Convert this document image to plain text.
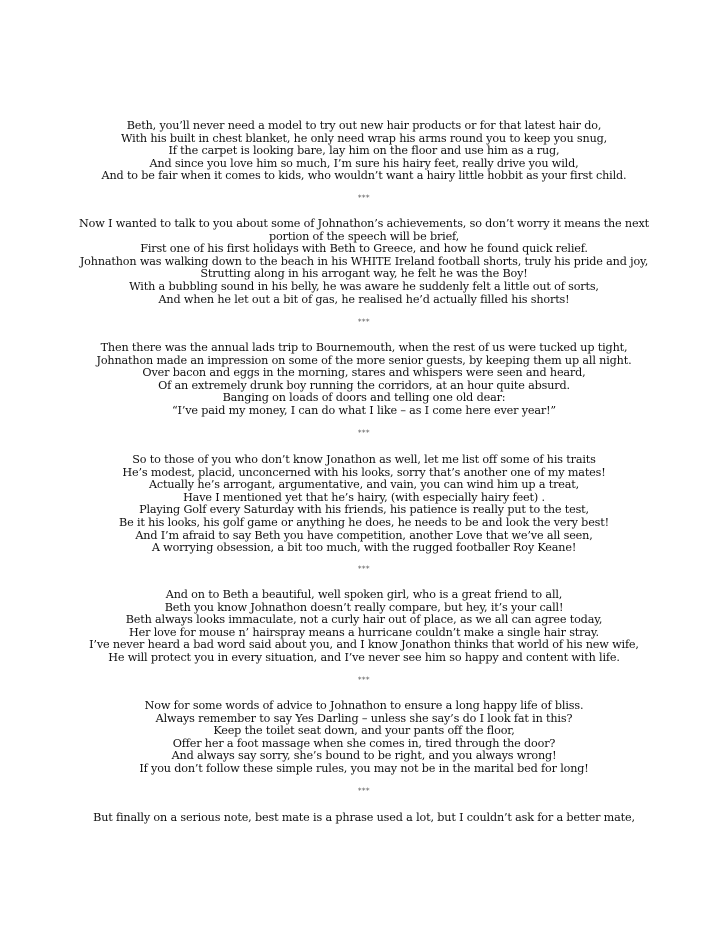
Beth, you’ll never need a model to try out new hair products or for that latest hair do,
With his built in chest blanket, he only need wrap his arms round you to keep you snug,
If the carpet is looking bare, lay him on the floor and use him as a rug,
And since you love him so much, I’m sure his hairy feet, really drive you wild,
And to be fair when it comes to kids, who wouldn’t want a hairy little hobbit as your first child.
***
Now I wanted to talk to you about some of Johnathon’s achievements, so don’t worry it means the next
portion of the speech will be brief,
First one of his first holidays with Beth to Greece, and how he found quick relief.
Johnathon was walking down to the beach in his WHITE Ireland football shorts, truly his pride and joy,
Strutting along in his arrogant way, he felt he was the Boy!
With a bubbling sound in his belly, he was aware he suddenly felt a little out of sorts,
And when he let out a bit of gas, he realised he’d actually filled his shorts!
***
Then there was the annual lads trip to Bournemouth, when the rest of us were tucked up tight,
Johnathon made an impression on some of the more senior guests, by keeping them up all night.
Over bacon and eggs in the morning, stares and whispers were seen and heard,
Of an extremely drunk boy running the corridors, at an hour quite absurd.
Banging on loads of doors and telling one old dear:
“I’ve paid my money, I can do what I like – as I come here ever year!”
***
So to those of you who don’t know Jonathon as well, let me list off some of his traits
He’s modest, placid, unconcerned with his looks, sorry that’s another one of my mates!
Actually he’s arrogant, argumentative, and vain, you can wind him up a treat,
Have I mentioned yet that he’s hairy, (with especially hairy feet) .
Playing Golf every Saturday with his friends, his patience is really put to the test,
Be it his looks, his golf game or anything he does, he needs to be and look the very best!
And I’m afraid to say Beth you have competition, another Love that we’ve all seen,
A worrying obsession, a bit too much, with the rugged footballer Roy Keane!
***
And on to Beth a beautiful, well spoken girl, who is a great friend to all,
Beth you know Johnathon doesn’t really compare, but hey, it’s your call!
Beth always looks immaculate, not a curly hair out of place, as we all can agree today,
Her love for mouse n’ hairspray means a hurricane couldn’t make a single hair stray.
I’ve never heard a bad word said about you, and I know Jonathon thinks that world of his new wife,
He will protect you in every situation, and I’ve never see him so happy and content with life.
***
Now for some words of advice to Johnathon to ensure a long happy life of bliss.
Always remember to say Yes Darling – unless she say’s do I look fat in this?
Keep the toilet seat down, and your pants off the floor,
Offer her a foot massage when she comes in, tired through the door?
And always say sorry, she’s bound to be right, and you always wrong!
If you don’t follow these simple rules, you may not be in the marital bed for long!
***
But finally on a serious note, best mate is a phrase used a lot, but I couldn’t ask for a better mate,
